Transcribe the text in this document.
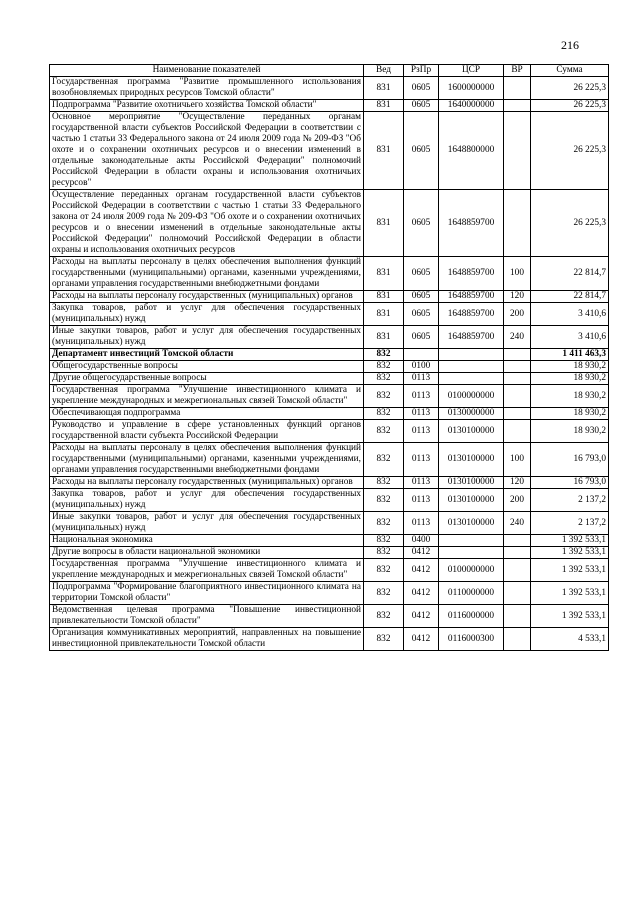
216
Наименование показателей	Вед	РзПр	ЦСР	ВР	Сумма
Государственная программа "Развитие промышленного использования возобновляемых природных ресурсов Томской области"	831	0605	1600000000		26 225,3
Подпрограмма "Развитие охотничьего хозяйства Томской области"	831	0605	1640000000		26 225,3
Основное мероприятие "Осуществление переданных органам государственной власти субъектов Российской Федерации в соответствии с частью 1 статьи 33 Федерального закона от 24 июля 2009 года № 209-ФЗ "Об охоте и о сохранении охотничьих ресурсов и о внесении изменений в отдельные законодательные акты Российской Федерации" полномочий Российской Федерации в области охраны и использования охотничьих ресурсов"	831	0605	1648800000		26 225,3
Осуществление переданных органам государственной власти субъектов Российской Федерации в соответствии с частью 1 статьи 33 Федерального закона от 24 июля 2009 года № 209-ФЗ "Об охоте и о сохранении охотничьих ресурсов и о внесении изменений в отдельные законодательные акты Российской Федерации" полномочий Российской Федерации в области охраны и использования охотничьих ресурсов	831	0605	1648859700		26 225,3
Расходы на выплаты персоналу в целях обеспечения выполнения функций государственными (муниципальными) органами, казенными учреждениями, органами управления государственными внебюджетными фондами	831	0605	1648859700	100	22 814,7
Расходы на выплаты персоналу государственных (муниципальных) органов	831	0605	1648859700	120	22 814,7
Закупка товаров, работ и услуг для обеспечения государственных (муниципальных) нужд	831	0605	1648859700	200	3 410,6
Иные закупки товаров, работ и услуг для обеспечения государственных (муниципальных) нужд	831	0605	1648859700	240	3 410,6
Департамент инвестиций Томской области	832				1 411 463,3
Общегосударственные вопросы	832	0100			18 930,2
Другие общегосударственные вопросы	832	0113			18 930,2
Государственная программа "Улучшение инвестиционного климата и укрепление международных и межрегиональных связей Томской области"	832	0113	0100000000		18 930,2
Обеспечивающая подпрограмма	832	0113	0130000000		18 930,2
Руководство и управление в сфере установленных функций органов государственной власти субъекта Российской Федерации	832	0113	0130100000		18 930,2
Расходы на выплаты персоналу в целях обеспечения выполнения функций государственными (муниципальными) органами, казенными учреждениями, органами управления государственными внебюджетными фондами	832	0113	0130100000	100	16 793,0
Расходы на выплаты персоналу государственных (муниципальных) органов	832	0113	0130100000	120	16 793,0
Закупка товаров, работ и услуг для обеспечения государственных (муниципальных) нужд	832	0113	0130100000	200	2 137,2
Иные закупки товаров, работ и услуг для обеспечения государственных (муниципальных) нужд	832	0113	0130100000	240	2 137,2
Национальная экономика	832	0400			1 392 533,1
Другие вопросы в области национальной экономики	832	0412			1 392 533,1
Государственная программа "Улучшение инвестиционного климата и укрепление международных и межрегиональных связей Томской области"	832	0412	0100000000		1 392 533,1
Подпрограмма "Формирование благоприятного инвестиционного климата на территории Томской области"	832	0412	0110000000		1 392 533,1
Ведомственная целевая программа "Повышение инвестиционной привлекательности Томской области"	832	0412	0116000000		1 392 533,1
Организация коммуникативных мероприятий, направленных на повышение инвестиционной привлекательности Томской области	832	0412	0116000300		4 533,1
